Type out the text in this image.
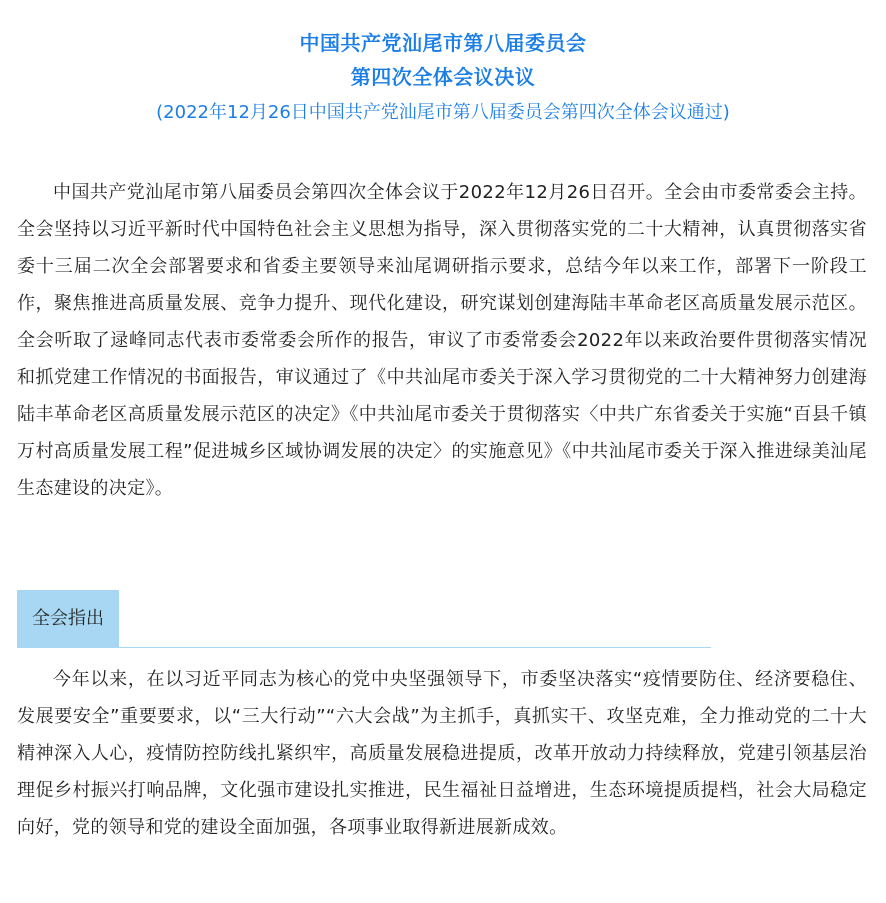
中国共产党汕尾市第八届委员会
第四次全体会议决议
(2022年12月26日中国共产党汕尾市第八届委员会第四次全体会议通过)

中国共产党汕尾市第八届委员会第四次全体会议于2022年12月26日召开。全会由市委常委会主持。全会坚持以习近平新时代中国特色社会主义思想为指导，深入贯彻落实党的二十大精神，认真贯彻落实省委十三届二次全会部署要求和省委主要领导来汕尾调研指示要求，总结今年以来工作，部署下一阶段工作，聚焦推进高质量发展、竞争力提升、现代化建设，研究谋划创建海陆丰革命老区高质量发展示范区。全会听取了逯峰同志代表市委常委会所作的报告，审议了市委常委会2022年以来政治要件贯彻落实情况和抓党建工作情况的书面报告，审议通过了《中共汕尾市委关于深入学习贯彻党的二十大精神努力创建海陆丰革命老区高质量发展示范区的决定》《中共汕尾市委关于贯彻落实〈中共广东省委关于实施“百县千镇万村高质量发展工程”促进城乡区域协调发展的决定〉的实施意见》《中共汕尾市委关于深入推进绿美汕尾生态建设的决定》。

全会指出

今年以来，在以习近平同志为核心的党中央坚强领导下，市委坚决落实“疫情要防住、经济要稳住、发展要安全”重要要求，以“三大行动”“六大会战”为主抓手，真抓实干、攻坚克难，全力推动党的二十大精神深入人心，疫情防控防线扎紧织牢，高质量发展稳进提质，改革开放动力持续释放，党建引领基层治理促乡村振兴打响品牌，文化强市建设扎实推进，民生福祉日益增进，生态环境提质提档，社会大局稳定向好，党的领导和党的建设全面加强，各项事业取得新进展新成效。
